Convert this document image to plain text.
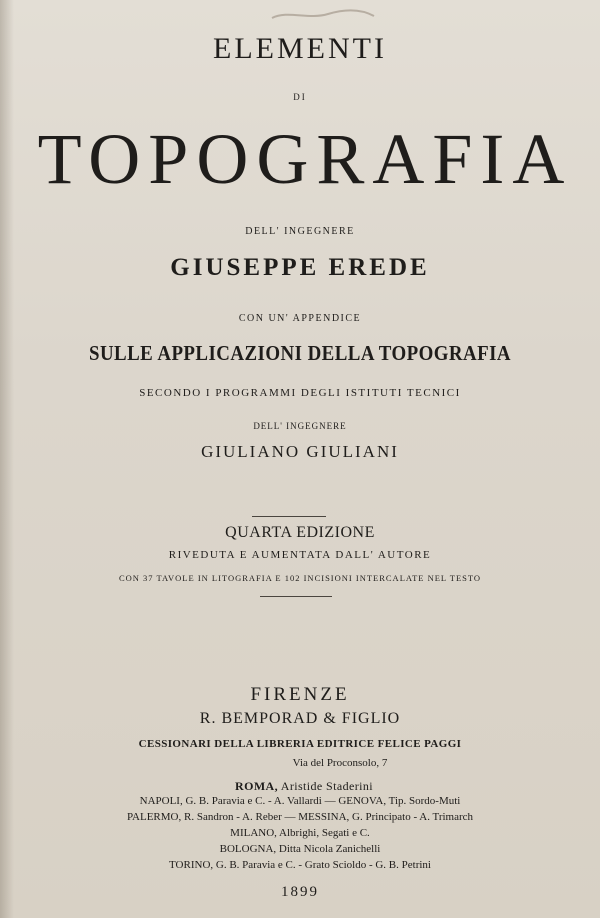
ELEMENTI
DI
TOPOGRAFIA
DELL' INGEGNERE
GIUSEPPE EREDE
CON UN' APPENDICE
SULLE APPLICAZIONI DELLA TOPOGRAFIA
SECONDO I PROGRAMMI DEGLI ISTITUTI TECNICI
DELL' INGEGNERE
GIULIANO GIULIANI
QUARTA EDIZIONE
RIVEDUTA E AUMENTATA DALL' AUTORE
CON 37 TAVOLE IN LITOGRAFIA E 102 INCISIONI INTERCALATE NEL TESTO
FIRENZE
R. BEMPORAD & FIGLIO
CESSIONARI DELLA LIBRERIA EDITRICE FELICE PAGGI
Via del Proconsolo, 7
ROMA, Aristide Staderini
NAPOLI, G. B. Paravia e C. - A. Vallardi — GENOVA, Tip. Sordo-Muti
PALERMO, R. Sandron - A. Reber — MESSINA, G. Principato - A. Trimarch
MILANO, Albrighi, Segati e C.
BOLOGNA, Ditta Nicola Zanichelli
TORINO, G. B. Paravia e C. - Grato Scioldo - G. B. Petrini
1899
